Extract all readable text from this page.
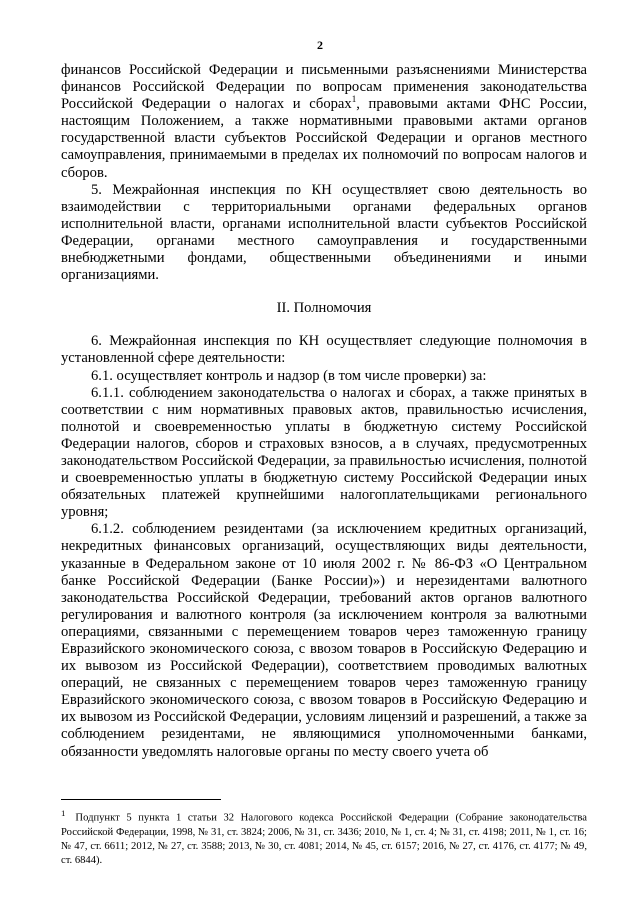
2

финансов Российской Федерации и письменными разъяснениями Министерства финансов Российской Федерации по вопросам применения законодательства Российской Федерации о налогах и сборах$^1$, правовыми актами ФНС России, настоящим Положением, а также нормативными правовыми актами органов государственной власти субъектов Российской Федерации и органов местного самоуправления, принимаемыми в пределах их полномочий по вопросам налогов и сборов.

5. Межрайонная инспекция по КН осуществляет свою деятельность во взаимодействии с территориальными органами федеральных органов исполнительной власти, органами исполнительной власти субъектов Российской Федерации, органами местного самоуправления и государственными внебюджетными фондами, общественными объединениями и иными организациями.

II. Полномочия

6. Межрайонная инспекция по КН осуществляет следующие полномочия в установленной сфере деятельности:

6.1. осуществляет контроль и надзор (в том числе проверки) за:

6.1.1. соблюдением законодательства о налогах и сборах, а также принятых в соответствии с ним нормативных правовых актов, правильностью исчисления, полнотой и своевременностью уплаты в бюджетную систему Российской Федерации налогов, сборов и страховых взносов, а в случаях, предусмотренных законодательством Российской Федерации, за правильностью исчисления, полнотой и своевременностью уплаты в бюджетную систему Российской Федерации иных обязательных платежей крупнейшими налогоплательщиками регионального уровня;

6.1.2. соблюдением резидентами (за исключением кредитных организаций, некредитных финансовых организаций, осуществляющих виды деятельности, указанные в Федеральном законе от 10 июля 2002 г. № 86-ФЗ «О Центральном банке Российской Федерации (Банке России)») и нерезидентами валютного законодательства Российской Федерации, требований актов органов валютного регулирования и валютного контроля (за исключением контроля за валютными операциями, связанными с перемещением товаров через таможенную границу Евразийского экономического союза, с ввозом товаров в Российскую Федерацию и их вывозом из Российской Федерации), соответствием проводимых валютных операций, не связанных с перемещением товаров через таможенную границу Евразийского экономического союза, с ввозом товаров в Российскую Федерацию и их вывозом из Российской Федерации, условиям лицензий и разрешений, а также за соблюдением резидентами, не являющимися уполномоченными банками, обязанности уведомлять налоговые органы по месту своего учета об

$^1$ Подпункт 5 пункта 1 статьи 32 Налогового кодекса Российской Федерации (Собрание законодательства Российской Федерации, 1998, № 31, ст. 3824; 2006, № 31, ст. 3436; 2010, № 1, ст. 4; № 31, ст. 4198; 2011, № 1, ст. 16; № 47, ст. 6611; 2012, № 27, ст. 3588; 2013, № 30, ст. 4081; 2014, № 45, ст. 6157; 2016, № 27, ст. 4176, ст. 4177; № 49, ст. 6844).
